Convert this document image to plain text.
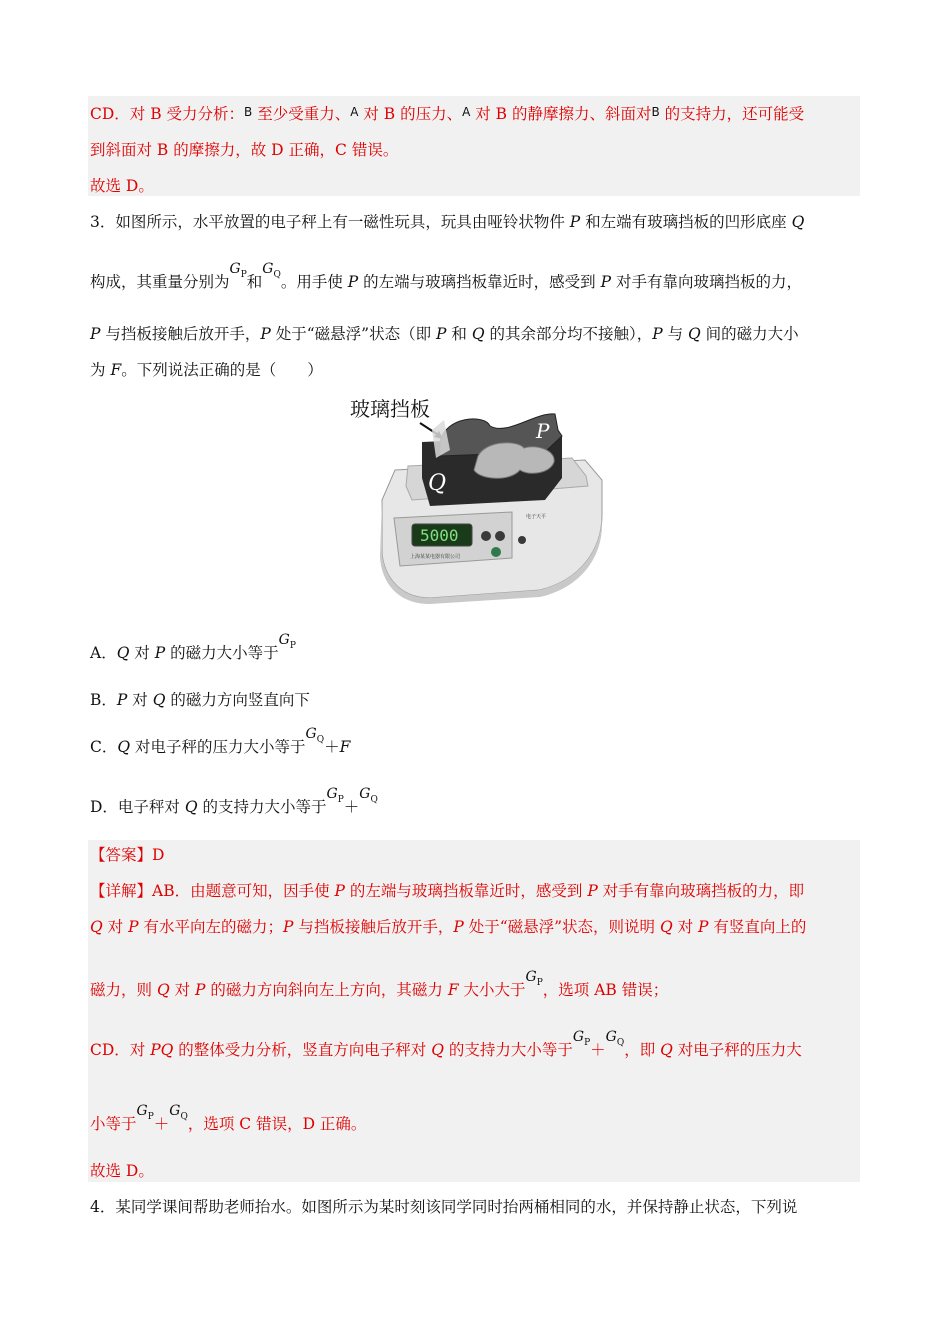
CD．对 B 受力分析：B 至少受重力、A 对 B 的压力、A 对 B 的静摩擦力、斜面对B 的支持力，还可能受
到斜面对 B 的摩擦力，故 D 正确，C 错误。
故选 D。
3．如图所示，水平放置的电子秤上有一磁性玩具，玩具由哑铃状物件 P 和左端有玻璃挡板的凹形底座 Q
构成，其重量分别为$G_P$和$G_Q$。用手使 P 的左端与玻璃挡板靠近时，感受到 P 对手有靠向玻璃挡板的力，
P 与挡板接触后放开手，P 处于“磁悬浮”状态（即 P 和 Q 的其余部分均不接触），P 与 Q 间的磁力大小
为 F。下列说法正确的是（　　）
玻璃挡板
P
Q
5000
电子天平
上海某某电器有限公司
A．Q 对 P 的磁力大小等于$G_P$
B．P 对 Q 的磁力方向竖直向下
C．Q 对电子秤的压力大小等于$G_Q+F$
D．电子秤对 Q 的支持力大小等于$G_P+G_Q$
【答案】D
【详解】AB．由题意可知，因手使 P 的左端与玻璃挡板靠近时，感受到 P 对手有靠向玻璃挡板的力，即
Q 对 P 有水平向左的磁力；P 与挡板接触后放开手，P 处于“磁悬浮”状态，则说明 Q 对 P 有竖直向上的
磁力，则 Q 对 P 的磁力方向斜向左上方向，其磁力 F 大小大于$G_P$，选项 AB 错误；
CD．对 PQ 的整体受力分析，竖直方向电子秤对 Q 的支持力大小等于$G_P+G_Q$，即 Q 对电子秤的压力大
小等于$G_P+G_Q$，选项 C 错误，D 正确。
故选 D。
4．某同学课间帮助老师抬水。如图所示为某时刻该同学同时抬两桶相同的水，并保持静止状态，下列说
